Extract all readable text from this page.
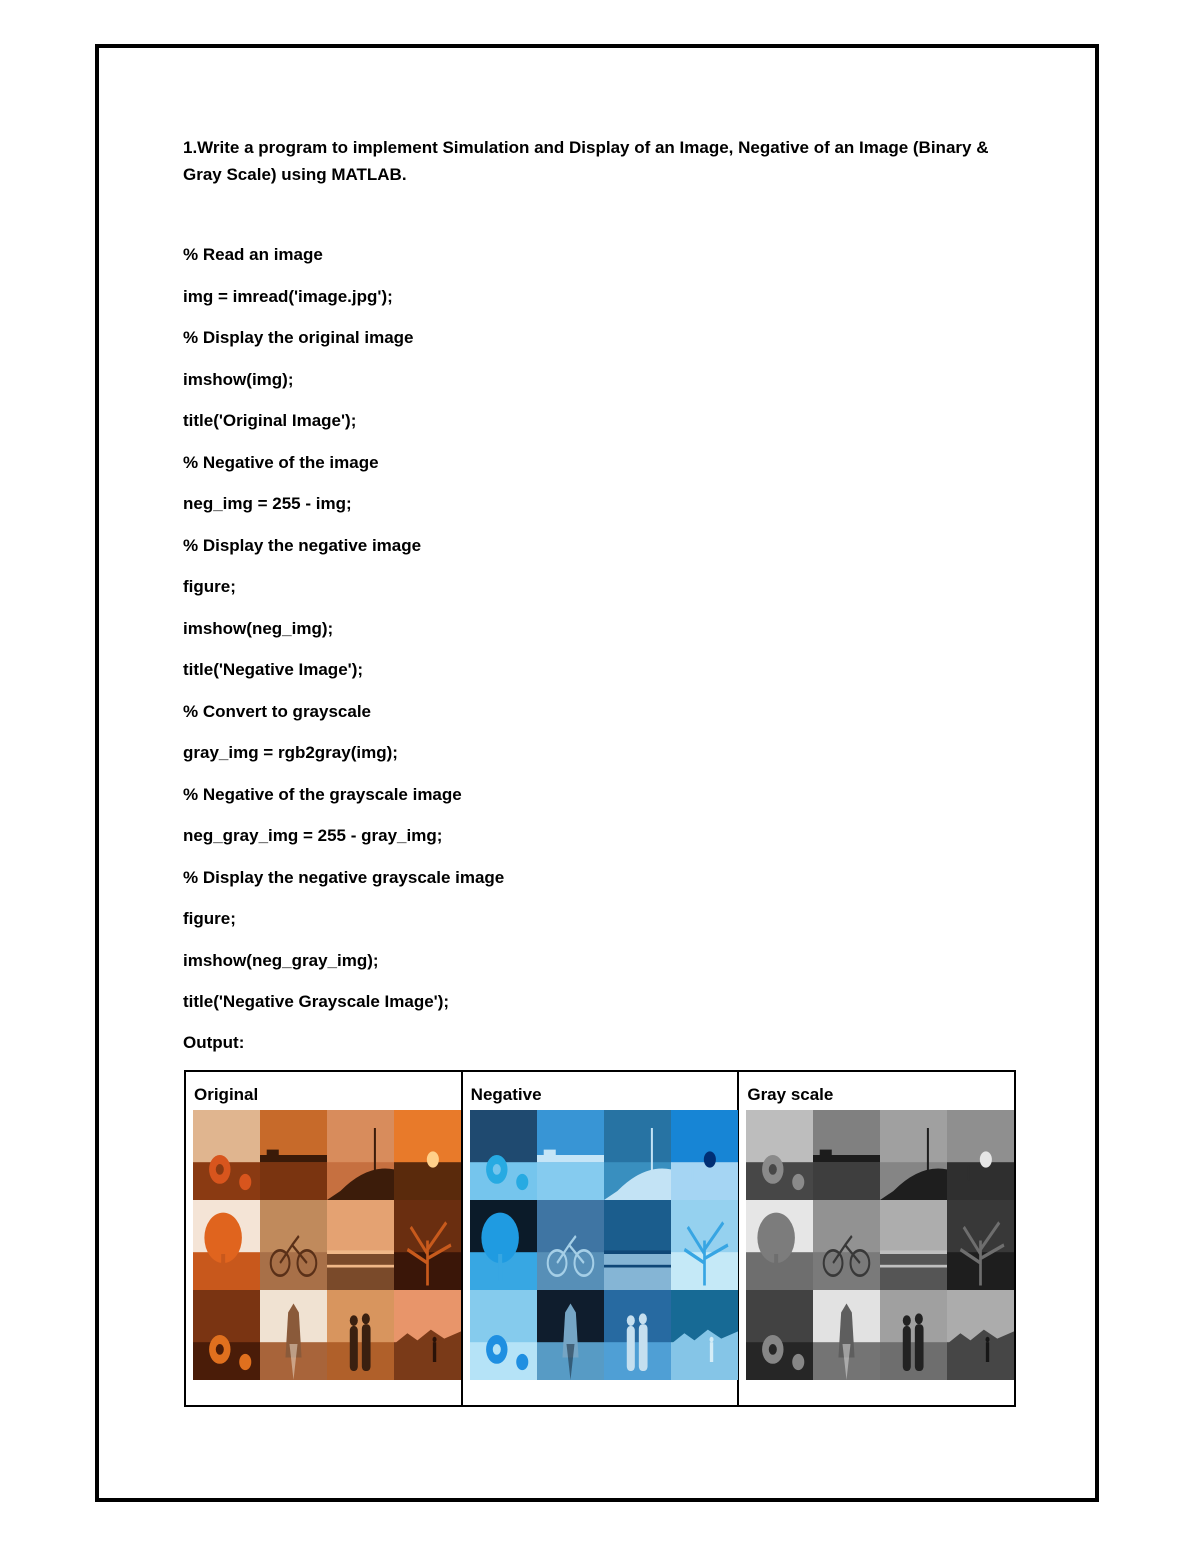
1.Write a program to implement Simulation and Display of an Image, Negative of an Image (Binary & Gray Scale) using MATLAB.

% Read an image
img = imread('image.jpg');
% Display the original image
imshow(img);
title('Original Image');
% Negative of the image
neg_img = 255 - img;
% Display the negative image
figure;
imshow(neg_img);
title('Negative Image');
% Convert to grayscale
gray_img = rgb2gray(img);
% Negative of the grayscale image
neg_gray_img = 255 - gray_img;
% Display the negative grayscale image
figure;
imshow(neg_gray_img);
title('Negative Grayscale Image');
Output:
Original	Negative	Gray scale
